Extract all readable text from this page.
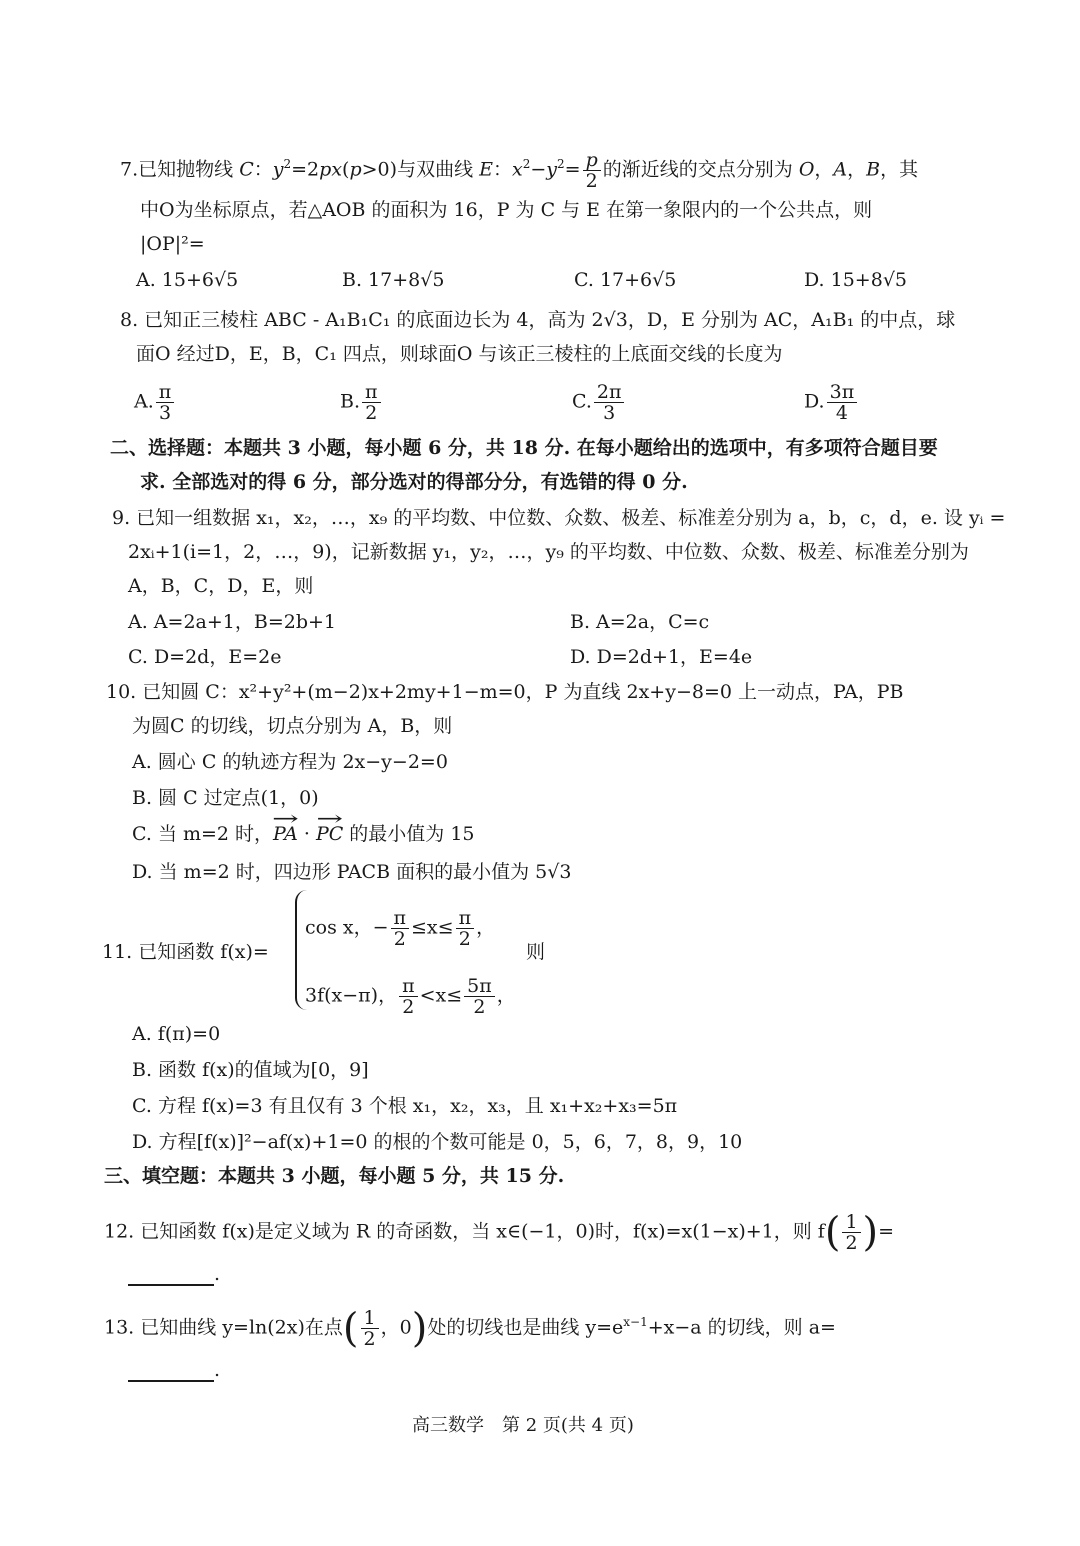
7.已知抛物线 C：$y^2=2px(p>0)$与双曲线 E：$x^2-y^2= \frac{p}{2}$ 的渐近线的交点分别为 O，A，B，其
中O为坐标原点，若△AOB 的面积为 16，P 为 C 与 E 在第一象限内的一个公共点，则
|OP|²=
A. 15+6√5	B. 17+8√5	C. 17+6√5	D. 15+8√5
8. 已知正三棱柱 ABC - A₁B₁C₁ 的底面边长为 4，高为 2√3，D，E 分别为 AC，A₁B₁ 的中点，球
面O 经过D，E，B，C₁ 四点，则球面O 与该正三棱柱的上底面交线的长度为
A. $\frac{\pi}{3}$	B. $\frac{\pi}{2}$	C. $\frac{2\pi}{3}$	D. $\frac{3\pi}{4}$
二、选择题：本题共 3 小题，每小题 6 分，共 18 分. 在每小题给出的选项中，有多项符合题目要
求. 全部选对的得 6 分，部分选对的得部分分，有选错的得 0 分.
9. 已知一组数据 x₁，x₂，…，x₉ 的平均数、中位数、众数、极差、标准差分别为 a，b，c，d，e. 设 yᵢ =
2xᵢ+1(i=1，2，…，9)，记新数据 y₁，y₂，…，y₉ 的平均数、中位数、众数、极差、标准差分别为
A，B，C，D，E，则
A. A=2a+1，B=2b+1	B. A=2a，C=c
C. D=2d，E=2e	D. D=2d+1，E=4e
10. 已知圆 C：x²+y²+(m−2)x+2my+1−m=0，P 为直线 2x+y−8=0 上一动点，PA，PB
为圆C 的切线，切点分别为 A，B，则
A. 圆心 C 的轨迹方程为 2x−y−2=0
B. 圆 C 过定点(1，0)
C. 当 m=2 时，→ PA · → PC 的最小值为 15
D. 当 m=2 时，四边形 PACB 面积的最小值为 5√3
11. 已知函数 f(x)=
cos x，− $\frac{\pi}{2} \le x\le \frac{\pi}{2}$ ，
3f(x−π)， $\frac{\pi}{2} <x\le \frac{5\pi}{2}$ ，
则
A. f(π)=0
B. 函数 f(x)的值域为[0，9]
C. 方程 f(x)=3 有且仅有 3 个根 x₁，x₂，x₃，且 x₁+x₂+x₃=5π
D. 方程[f(x)]²−af(x)+1=0 的根的个数可能是 0，5，6，7，8，9，10
三、填空题：本题共 3 小题，每小题 5 分，共 15 分.
12. 已知函数 f(x)是定义域为 R 的奇函数，当 x∈(−1，0)时，f(x)=x(1−x)+1，则 $f( \frac{1}{2}$ )=
.
13. 已知曲线 y=ln(2x)在点( $\frac{1}{2}$ ，0)处的切线也是曲线 $y=e^{x-1}+x-a$ 的切线，则 a=
.
高三数学　第 2 页(共 4 页)
